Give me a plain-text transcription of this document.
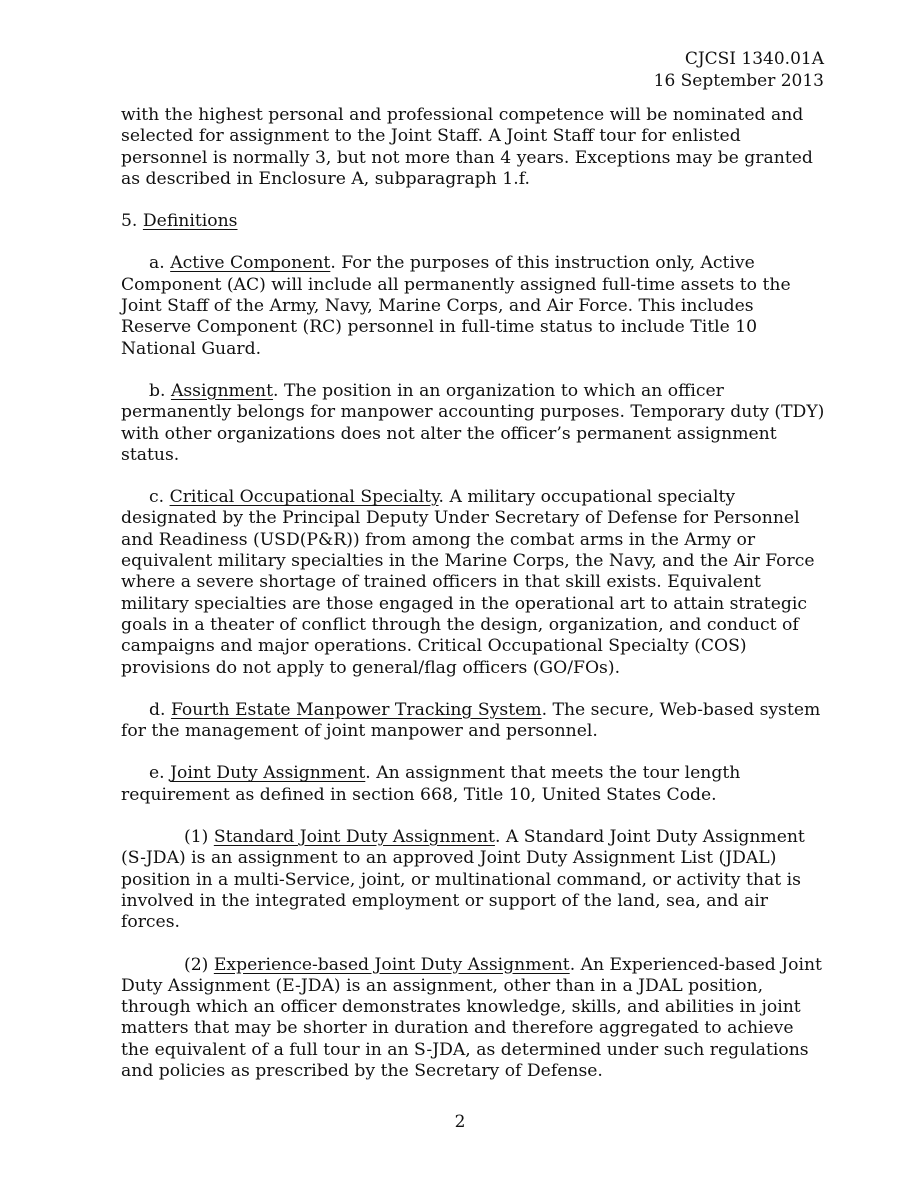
CJCSI 1340.01A
16 September 2013

with the highest personal and professional competence will be nominated and selected for assignment to the Joint Staff. A Joint Staff tour for enlisted personnel is normally 3, but not more than 4 years. Exceptions may be granted as described in Enclosure A, subparagraph 1.f.

5. Definitions

a. Active Component. For the purposes of this instruction only, Active Component (AC) will include all permanently assigned full-time assets to the Joint Staff of the Army, Navy, Marine Corps, and Air Force. This includes Reserve Component (RC) personnel in full-time status to include Title 10 National Guard.

b. Assignment. The position in an organization to which an officer permanently belongs for manpower accounting purposes. Temporary duty (TDY) with other organizations does not alter the officer’s permanent assignment status.

c. Critical Occupational Specialty. A military occupational specialty designated by the Principal Deputy Under Secretary of Defense for Personnel and Readiness (USD(P&R)) from among the combat arms in the Army or equivalent military specialties in the Marine Corps, the Navy, and the Air Force where a severe shortage of trained officers in that skill exists. Equivalent military specialties are those engaged in the operational art to attain strategic goals in a theater of conflict through the design, organization, and conduct of campaigns and major operations. Critical Occupational Specialty (COS) provisions do not apply to general/flag officers (GO/FOs).

d. Fourth Estate Manpower Tracking System. The secure, Web-based system for the management of joint manpower and personnel.

e. Joint Duty Assignment. An assignment that meets the tour length requirement as defined in section 668, Title 10, United States Code.

(1) Standard Joint Duty Assignment. A Standard Joint Duty Assignment (S-JDA) is an assignment to an approved Joint Duty Assignment List (JDAL) position in a multi-Service, joint, or multinational command, or activity that is involved in the integrated employment or support of the land, sea, and air forces.

(2) Experience-based Joint Duty Assignment. An Experienced-based Joint Duty Assignment (E-JDA) is an assignment, other than in a JDAL position, through which an officer demonstrates knowledge, skills, and abilities in joint matters that may be shorter in duration and therefore aggregated to achieve the equivalent of a full tour in an S-JDA, as determined under such regulations and policies as prescribed by the Secretary of Defense.

2
